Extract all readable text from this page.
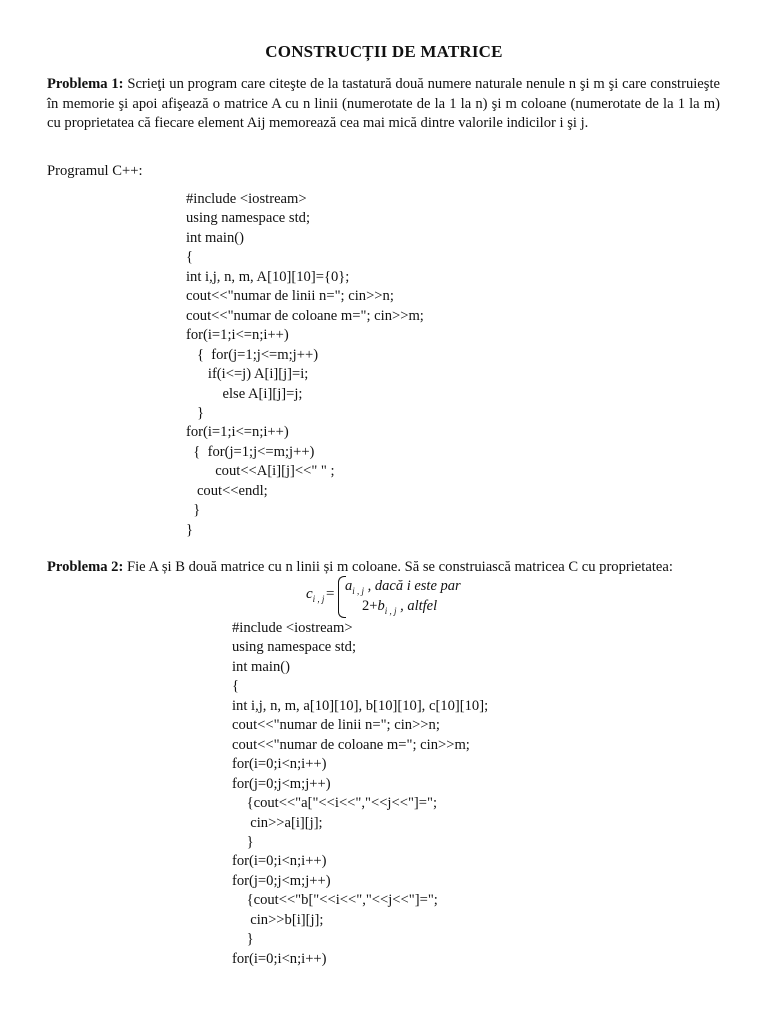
CONSTRUCȚII DE MATRICE
Problema 1: Scrieţi un program care citeşte de la tastatură două numere naturale nenule n şi m şi care construieşte în memorie şi apoi afişează o matrice A cu n linii (numerotate de la 1 la n) şi m coloane (numerotate de la 1 la m) cu proprietatea că fiecare element Aij memorează cea mai mică dintre valorile indicilor i şi j.
Programul C++:
#include <iostream>
using namespace std;
int main()
{
int i,j, n, m, A[10][10]={0};
cout<<"numar de linii n="; cin>>n;
cout<<"numar de coloane m="; cin>>m;
for(i=1;i<=n;i++)
{  for(j=1;j<=m;j++)
if(i<=j) A[i][j]=i;
else A[i][j]=j;
}
for(i=1;i<=n;i++)
{  for(j=1;j<=m;j++)
cout<<A[i][j]<<" " ;
cout<<endl;
}
}
Problema 2: Fie A și B două matrice cu n linii și m coloane. Să se construiască matricea C cu proprietatea:
$c_{i , j} = a_{i , j}$ , dacă i este par
$2+b_{i , j}$ , altfel
#include <iostream>
using namespace std;
int main()
{
int i,j, n, m, a[10][10], b[10][10], c[10][10];
cout<<"numar de linii n="; cin>>n;
cout<<"numar de coloane m="; cin>>m;
for(i=0;i<n;i++)
for(j=0;j<m;j++)
{cout<<"a["<<i<<","<<j<<"]=";
cin>>a[i][j];
}
for(i=0;i<n;i++)
for(j=0;j<m;j++)
{cout<<"b["<<i<<","<<j<<"]=";
cin>>b[i][j];
}
for(i=0;i<n;i++)
